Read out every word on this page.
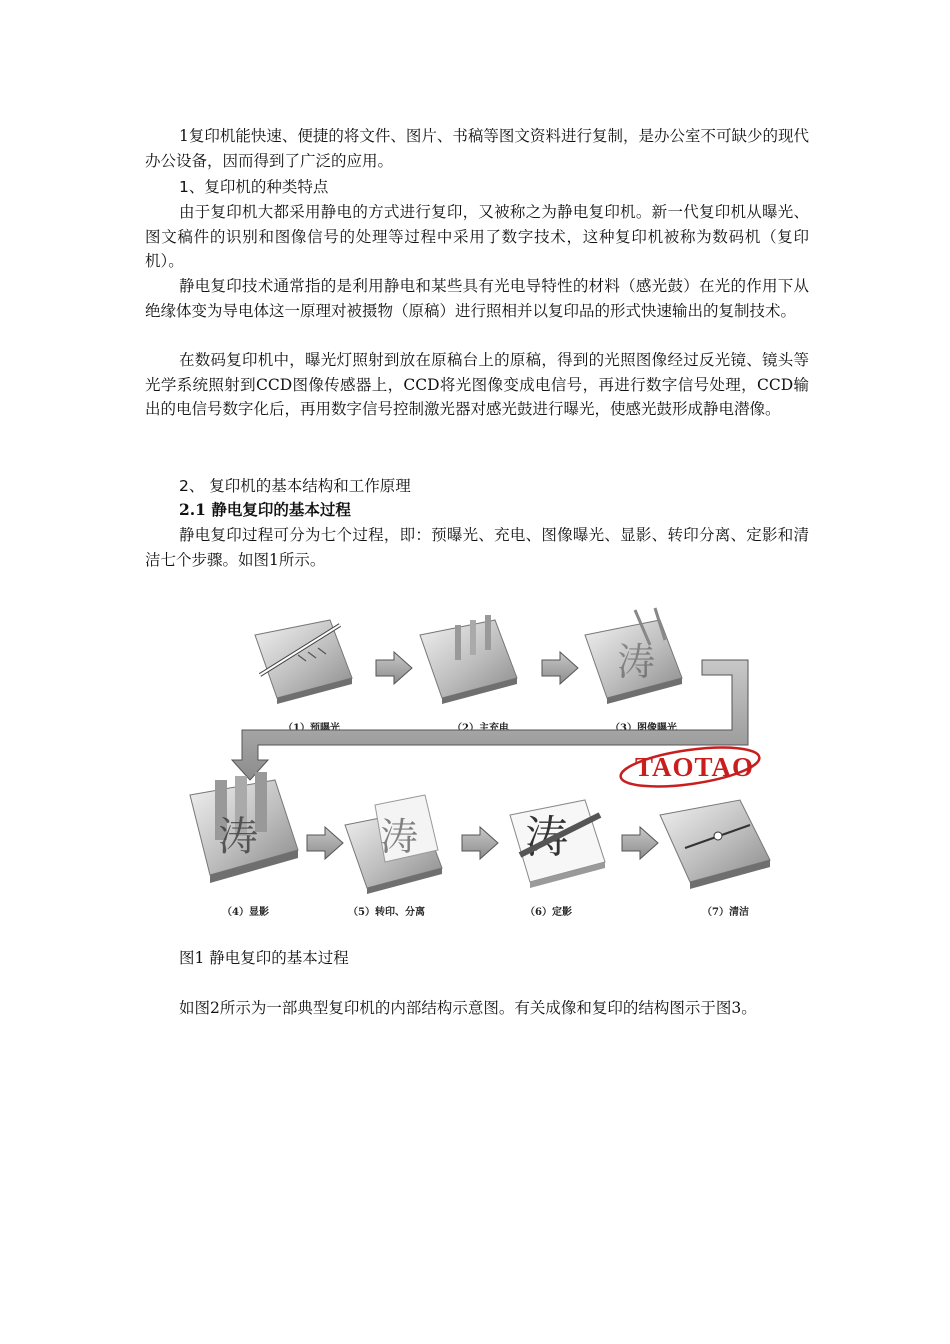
1复印机能快速、便捷的将文件、图片、书稿等图文资料进行复制，是办公室不可缺少的现代办公设备，因而得到了广泛的应用。

1、复印机的种类特点

由于复印机大都采用静电的方式进行复印，又被称之为静电复印机。新一代复印机从曝光、图文稿件的识别和图像信号的处理等过程中采用了数字技术，这种复印机被称为数码机（复印机）。

静电复印技术通常指的是利用静电和某些具有光电导特性的材料（感光鼓）在光的作用下从绝缘体变为导电体这一原理对被摄物（原稿）进行照相并以复印品的形式快速输出的复制技术。

在数码复印机中，曝光灯照射到放在原稿台上的原稿，得到的光照图像经过反光镜、镜头等光学系统照射到CCD图像传感器上，CCD将光图像变成电信号，再进行数字信号处理，CCD输出的电信号数字化后，再用数字信号控制激光器对感光鼓进行曝光，使感光鼓形成静电潜像。

2、 复印机的基本结构和工作原理

2.1 静电复印的基本过程

静电复印过程可分为七个过程，即：预曝光、充电、图像曝光、显影、转印分离、定影和清洁七个步骤。如图1所示。

（1）预曝光	（2）主充电
涛
（3）图像曝光
TAOTAO
涛
（4）显影
涛
（5）转印、分离
涛
（6）定影	（7）清洁

图1 静电复印的基本过程

如图2所示为一部典型复印机的内部结构示意图。有关成像和复印的结构图示于图3。
